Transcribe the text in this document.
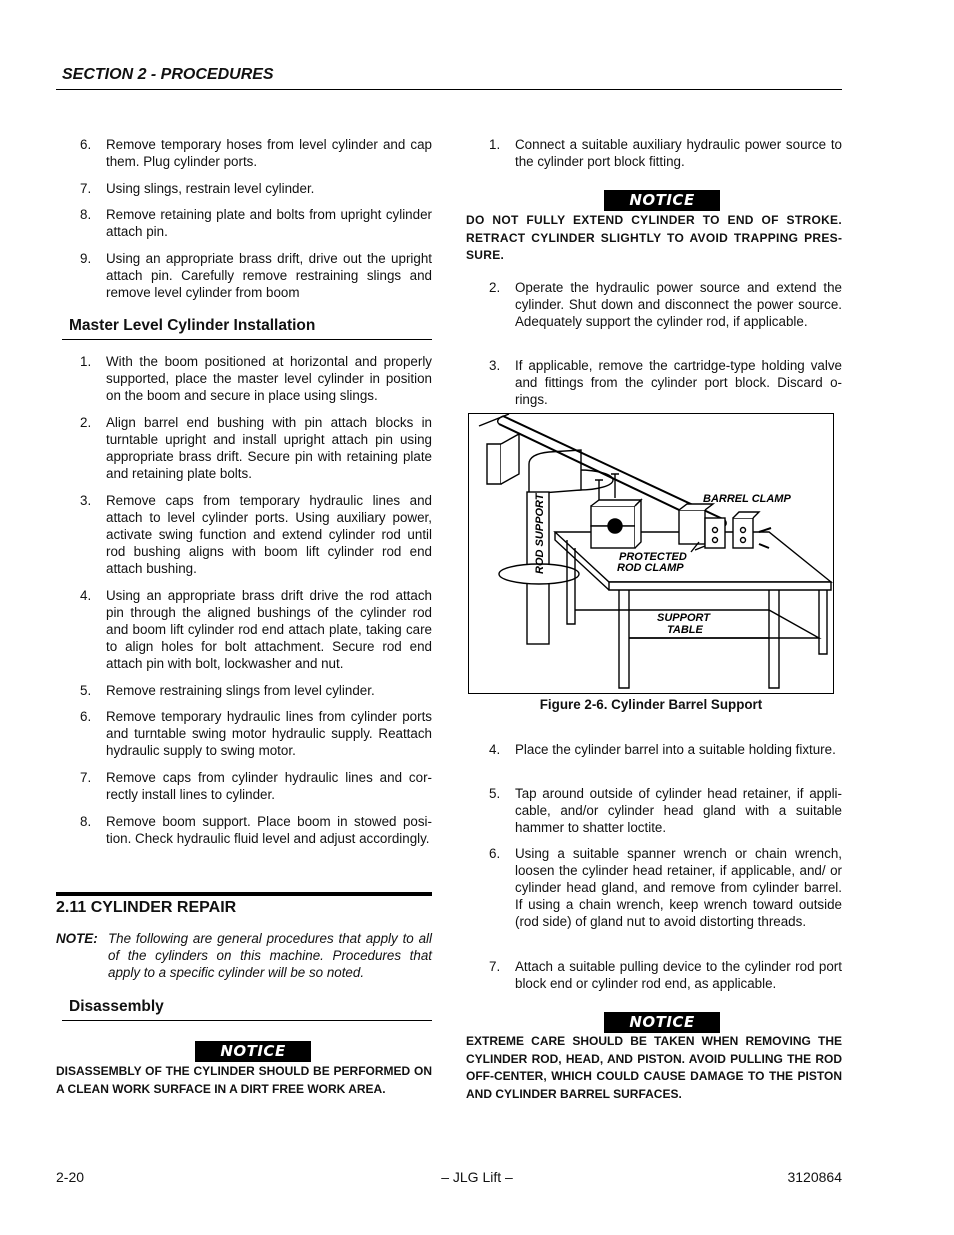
SECTION 2 - PROCEDURES
6. Remove temporary hoses from level cylinder and cap them. Plug cylinder ports.
7. Using slings, restrain level cylinder.
8. Remove retaining plate and bolts from upright cylinder attach pin.
9. Using an appropriate brass drift, drive out the upright attach pin. Carefully remove restraining slings and remove level cylinder from boom
Master Level Cylinder Installation
1. With the boom positioned at horizontal and properly supported, place the master level cylinder in position on the boom and secure in place using slings.
2. Align barrel end bushing with pin attach blocks in turntable upright and install upright attach pin using appropriate brass drift. Secure pin with retaining plate and retaining plate bolts.
3. Remove caps from temporary hydraulic lines and attach to level cylinder ports. Using auxiliary power, activate swing function and extend cylinder rod until rod bushing aligns with boom lift cylinder rod end attach bushing.
4. Using an appropriate brass drift drive the rod attach pin through the aligned bushings of the cylinder rod and boom lift cylinder rod end attach plate, taking care to align holes for bolt attachment. Secure rod end attach pin with bolt, lockwasher and nut.
5. Remove restraining slings from level cylinder.
6. Remove temporary hydraulic lines from cylinder ports and turntable swing motor hydraulic supply. Reattach hydraulic supply to swing motor.
7. Remove caps from cylinder hydraulic lines and correctly install lines to cylinder.
8. Remove boom support. Place boom in stowed position. Check hydraulic fluid level and adjust accordingly.
2.11 CYLINDER REPAIR
NOTE: The following are general procedures that apply to all of the cylinders on this machine. Procedures that apply to a specific cylinder will be so noted.
Disassembly
NOTICE
DISASSEMBLY OF THE CYLINDER SHOULD BE PERFORMED ON A CLEAN WORK SURFACE IN A DIRT FREE WORK AREA.
1. Connect a suitable auxiliary hydraulic power source to the cylinder port block fitting.
NOTICE
DO NOT FULLY EXTEND CYLINDER TO END OF STROKE. RETRACT CYLINDER SLIGHTLY TO AVOID TRAPPING PRESSURE.
2. Operate the hydraulic power source and extend the cylinder. Shut down and disconnect the power source. Adequately support the cylinder rod, if applicable.
3. If applicable, remove the cartridge-type holding valve and fittings from the cylinder port block. Discard o-rings.
BARREL CLAMP
PROTECTED
ROD CLAMP
SUPPORT
TABLE
ROD SUPPORT
Figure 2-6. Cylinder Barrel Support
4. Place the cylinder barrel into a suitable holding fixture.
5. Tap around outside of cylinder head retainer, if applicable, and/or cylinder head gland with a suitable hammer to shatter loctite.
6. Using a suitable spanner wrench or chain wrench, loosen the cylinder head retainer, if applicable, and/ or cylinder head gland, and remove from cylinder barrel. If using a chain wrench, keep wrench toward outside (rod side) of gland nut to avoid distorting threads.
7. Attach a suitable pulling device to the cylinder rod port block end or cylinder rod end, as applicable.
NOTICE
EXTREME CARE SHOULD BE TAKEN WHEN REMOVING THE CYLINDER ROD, HEAD, AND PISTON. AVOID PULLING THE ROD OFF-CENTER, WHICH COULD CAUSE DAMAGE TO THE PISTON AND CYLINDER BARREL SURFACES.
2-20	– JLG Lift –	3120864
